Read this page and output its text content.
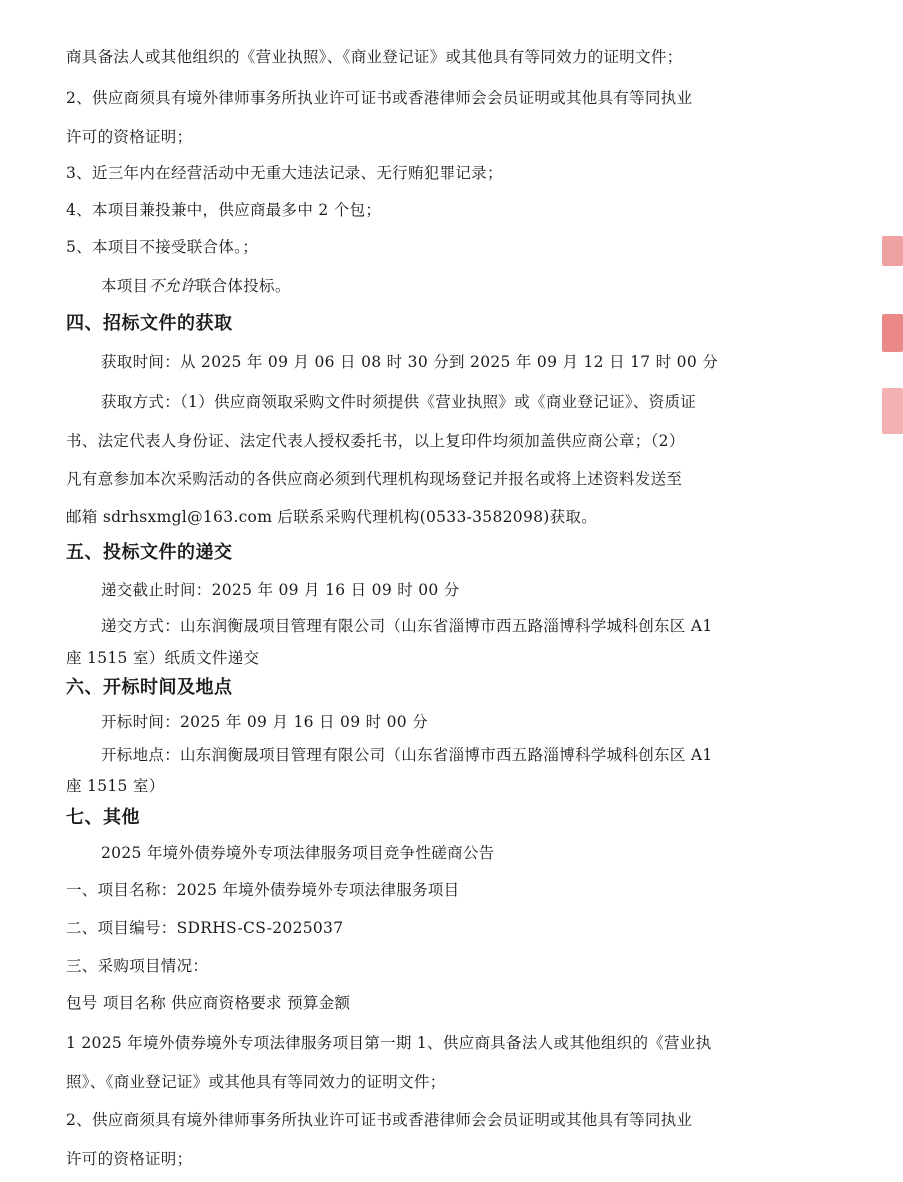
商具备法人或其他组织的《营业执照》、《商业登记证》或其他具有等同效力的证明文件；
2、供应商须具有境外律师事务所执业许可证书或香港律师会会员证明或其他具有等同执业
许可的资格证明；
3、近三年内在经营活动中无重大违法记录、无行贿犯罪记录；
4、本项目兼投兼中，供应商最多中 2 个包；
5、本项目不接受联合体。；
本项目不允许联合体投标。
四、招标文件的获取
获取时间：从 2025 年 09 月 06 日 08 时 30 分到 2025 年 09 月 12 日 17 时 00 分
获取方式：（1）供应商领取采购文件时须提供《营业执照》或《商业登记证》、资质证
书、法定代表人身份证、法定代表人授权委托书，以上复印件均须加盖供应商公章；（2）
凡有意参加本次采购活动的各供应商必须到代理机构现场登记并报名或将上述资料发送至
邮箱 sdrhsxmgl@163.com 后联系采购代理机构(0533-3582098)获取。
五、投标文件的递交
递交截止时间：2025 年 09 月 16 日 09 时 00 分
递交方式：山东润衡晟项目管理有限公司（山东省淄博市西五路淄博科学城科创东区 A1
座 1515 室）纸质文件递交
六、开标时间及地点
开标时间：2025 年 09 月 16 日 09 时 00 分
开标地点：山东润衡晟项目管理有限公司（山东省淄博市西五路淄博科学城科创东区 A1
座 1515 室）
七、其他
2025 年境外债券境外专项法律服务项目竞争性磋商公告
一、项目名称：2025 年境外债券境外专项法律服务项目
二、项目编号：SDRHS-CS-2025037
三、采购项目情况：
包号 项目名称 供应商资格要求 预算金额
1 2025 年境外债券境外专项法律服务项目第一期 1、供应商具备法人或其他组织的《营业执
照》、《商业登记证》或其他具有等同效力的证明文件；
2、供应商须具有境外律师事务所执业许可证书或香港律师会会员证明或其他具有等同执业
许可的资格证明；
